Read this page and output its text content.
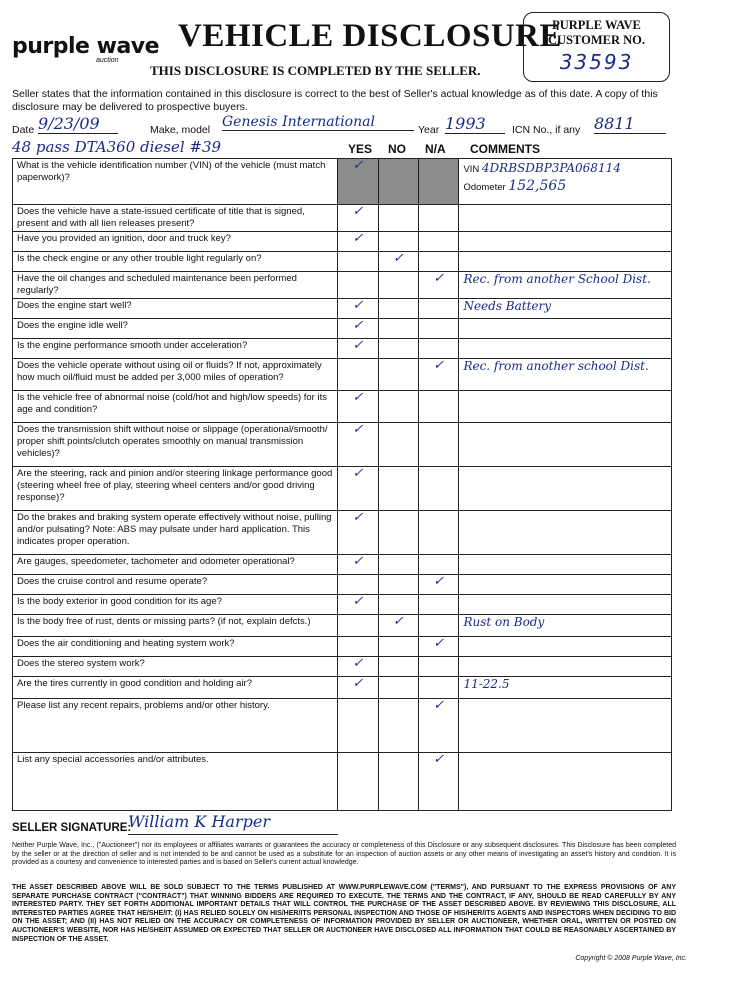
purple wave
auction
VEHICLE DISCLOSURE
THIS DISCLOSURE IS COMPLETED BY THE SELLER.
PURPLE WAVE
CUSTOMER NO.
33593
Seller states that the information contained in this disclosure is correct to the best of Seller's actual knowledge as of this date. A copy of this disclosure may be delivered to prospective buyers.
Date 9/23/09	Make, model Genesis International	Year 1993	ICN No., if any 8811
48 pass DTA360 diesel #39	YES NO N/A COMMENTS
What is the vehicle identification number (VIN) of the vehicle (must match paperwork)?	✓			VIN 4DRBSDBP3PA068114
Odometer 152,565

Does the vehicle have a state-issued certificate of title that is signed, present and with all lien releases present?	✓			
Have you provided an ignition, door and truck key?	✓			
Is the check engine or any other trouble light regularly on?		✓		
Have the oil changes and scheduled maintenance been performed regularly?			✓	Rec. from another School Dist.
Does the engine start well?	✓			Needs Battery
Does the engine idle well?	✓			
Is the engine performance smooth under acceleration?	✓			
Does the vehicle operate without using oil or fluids? If not, approximately how much oil/fluid must be added per 3,000 miles of operation?			✓	Rec. from another school Dist.
Is the vehicle free of abnormal noise (cold/hot and high/low speeds) for its age and condition?	✓			
Does the transmission shift without noise or slippage (operational/smooth/ proper shift points/clutch operates smoothly on manual transmission vehicles)?	✓			
Are the steering, rack and pinion and/or steering linkage performance good (steering wheel free of play, steering wheel centers and/or good driving response)?	✓			
Do the brakes and braking system operate effectively without noise, pulling and/or pulsating? Note: ABS may pulsate under hard application. This indicates proper operation.	✓			
Are gauges, speedometer, tachometer and odometer operational?	✓			
Does the cruise control and resume operate?			✓	
Is the body exterior in good condition for its age?	✓			
Is the body free of rust, dents or missing parts? (if not, explain defcts.)		✓		Rust on Body
Does the air conditioning and heating system work?			✓	
Does the stereo system work?	✓			
Are the tires currently in good condition and holding air?	✓			11-22.5
Please list any recent repairs, problems and/or other history.			✓	
List any special accessories and/or attributes.			✓	
SELLER SIGNATURE:
William K Harper
Neither Purple Wave, Inc., ("Auctioneer") nor its employees or affiliates warrants or guarantees the accuracy or completeness of this Disclosure or any subsequent disclosures. This Disclosure has been completed by the seller or at the direction of seller and is not intended to be and cannot be used as a substitute for an inspection of auction assets or any other means of investigating an asset's history and condition. It is provided as a courtesy and convenience to interested parties and is based on Seller's current actual knowledge.
THE ASSET DESCRIBED ABOVE WILL BE SOLD SUBJECT TO THE TERMS PUBLISHED AT WWW.PURPLEWAVE.COM ("TERMS"), AND PURSUANT TO THE EXPRESS PROVISIONS OF ANY SEPARATE PURCHASE CONTRACT ("CONTRACT") THAT WINNING BIDDERS ARE REQUIRED TO EXECUTE. THE TERMS AND THE CONTRACT, IF ANY, SHOULD BE READ CAREFULLY BY ANY INTERESTED PARTY. THEY SET FORTH ADDITIONAL IMPORTANT DETAILS THAT WILL CONTROL THE PURCHASE OF THE ASSET DESCRIBED ABOVE. BY REVIEWING THIS DISCLOSURE, ALL INTERESTED PARTIES AGREE THAT HE/SHE/IT: (I) HAS RELIED SOLELY ON HIS/HER/ITS PERSONAL INSPECTION AND THOSE OF HIS/HER/ITS AGENTS AND INSPECTORS WHEN DECIDING TO BID ON THE ASSET; AND (II) HAS NOT RELIED ON THE ACCURACY OR COMPLETENESS OF INFORMATION PROVIDED BY SELLER OR AUCTIONEER, WHETHER ORAL, WRITTEN OR POSTED ON AUCTIONEER'S WEBSITE, NOR HAS HE/SHE/IT ASSUMED OR EXPECTED THAT SELLER OR AUCTIONEER HAVE DISCLOSED ALL INFORMATION THAT COULD BE REASONABLY ASCERTAINED BY INSPECTION OF THE ASSET.
Copyright © 2008 Purple Wave, Inc.
